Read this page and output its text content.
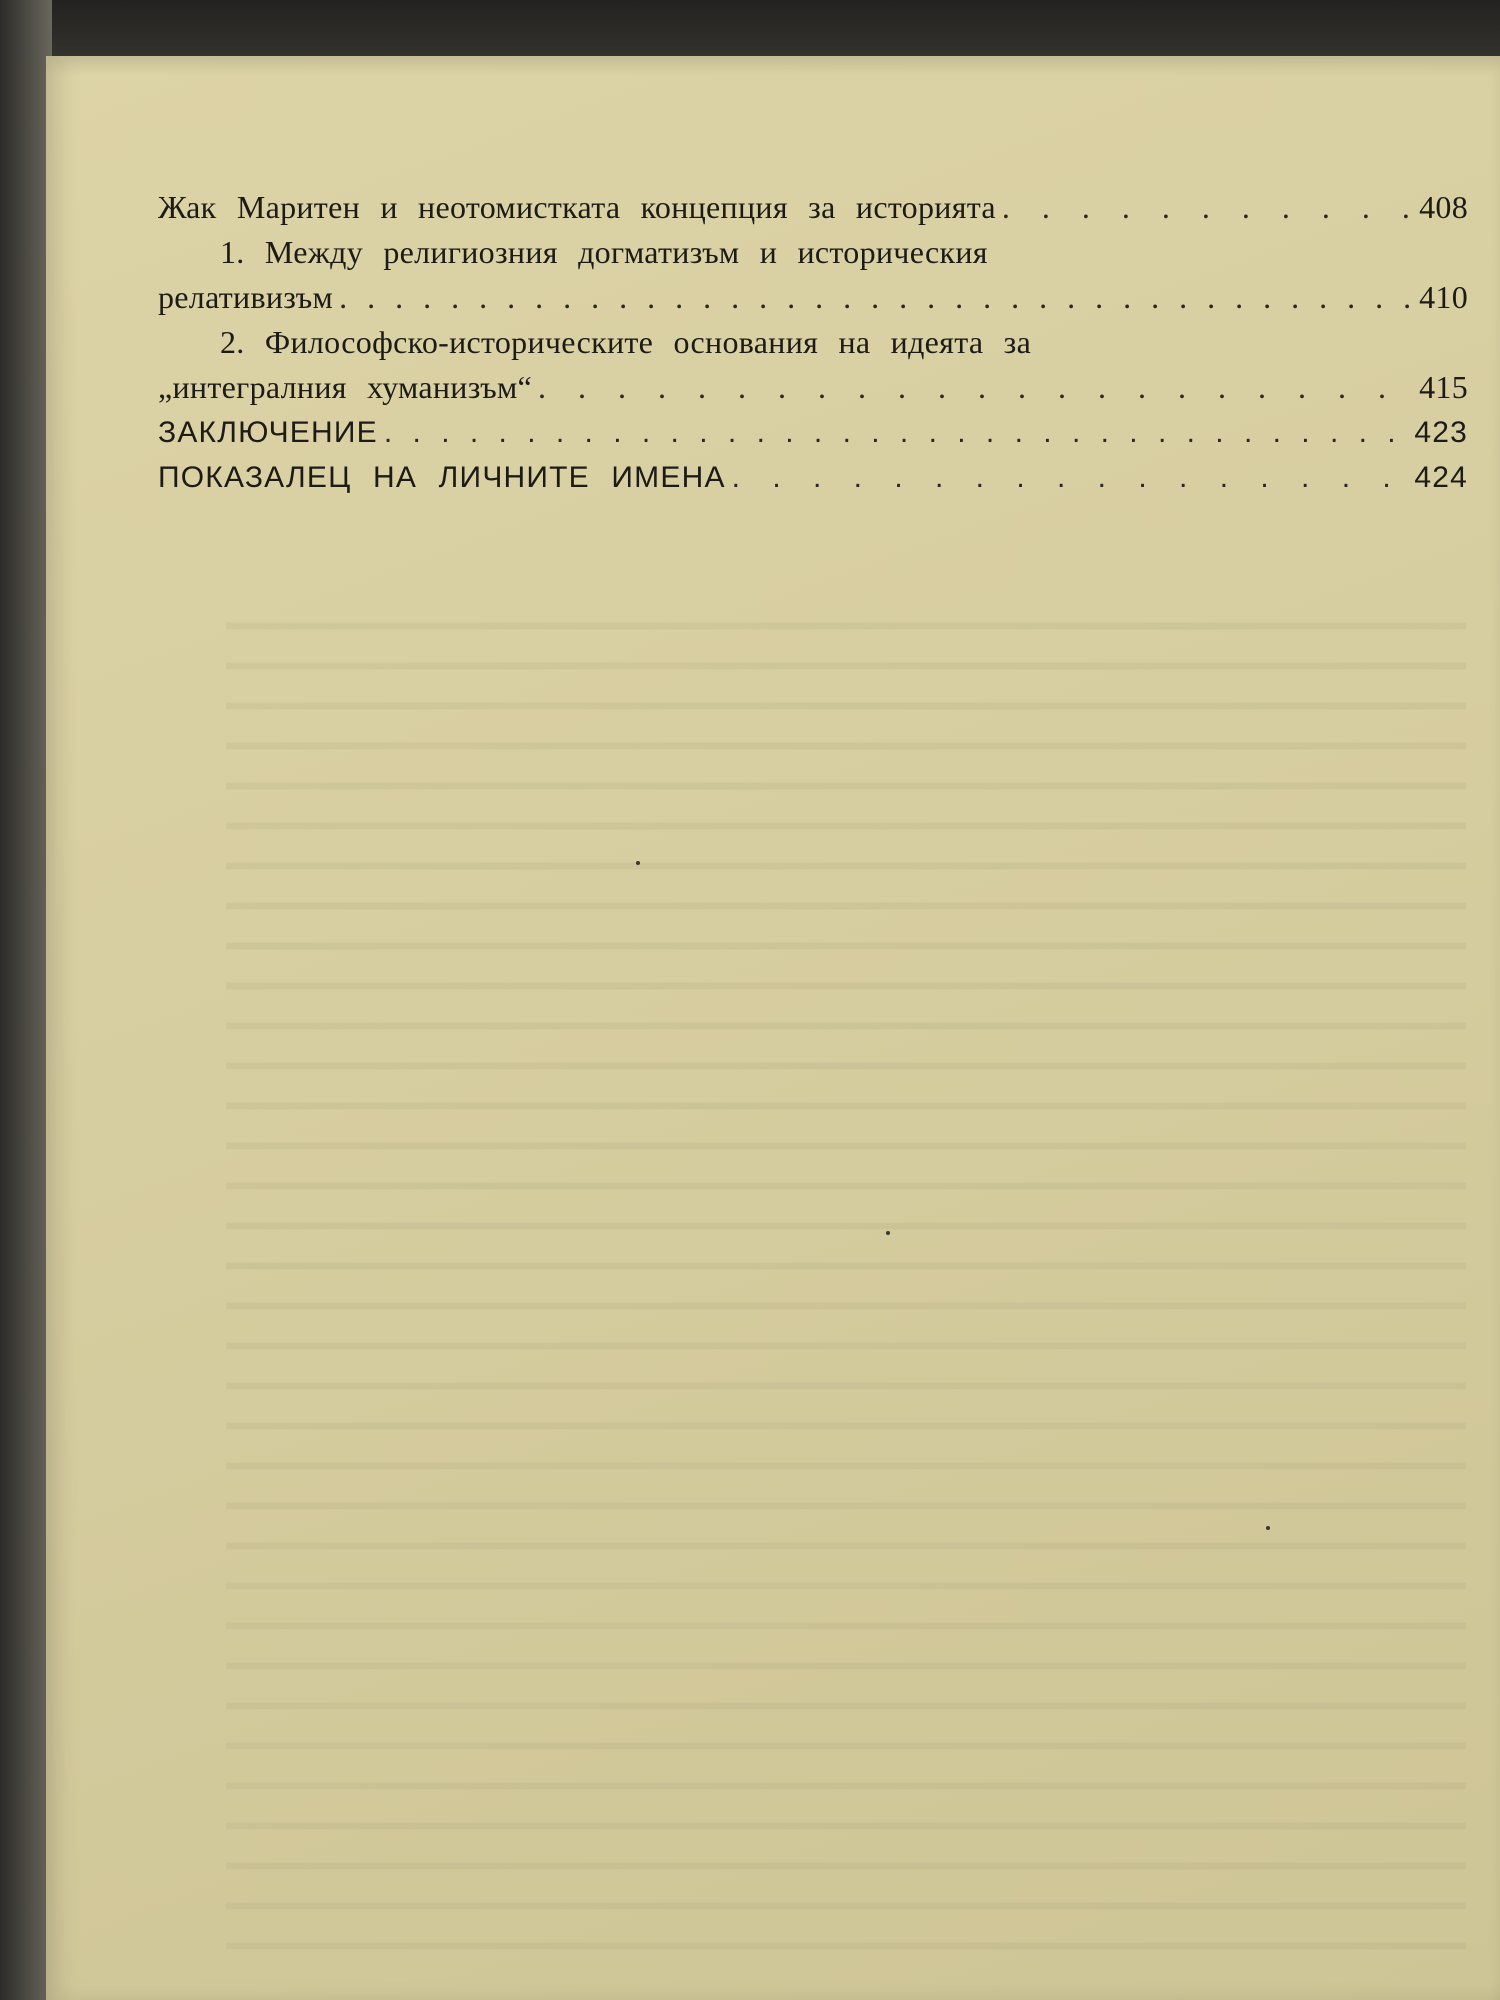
Жак Маритен и неотомистката концепция за историята . . .	408
1. Между религиозния догматизъм и историческия
релативизъм . . .	410
2. Философско-историческите основания на идеята за
„интегралния хуманизъм“ . . .	415
ЗАКЛЮЧЕНИЕ . . .	423
ПОКАЗАЛЕЦ НА ЛИЧНИТЕ ИМЕНА . . .	424
